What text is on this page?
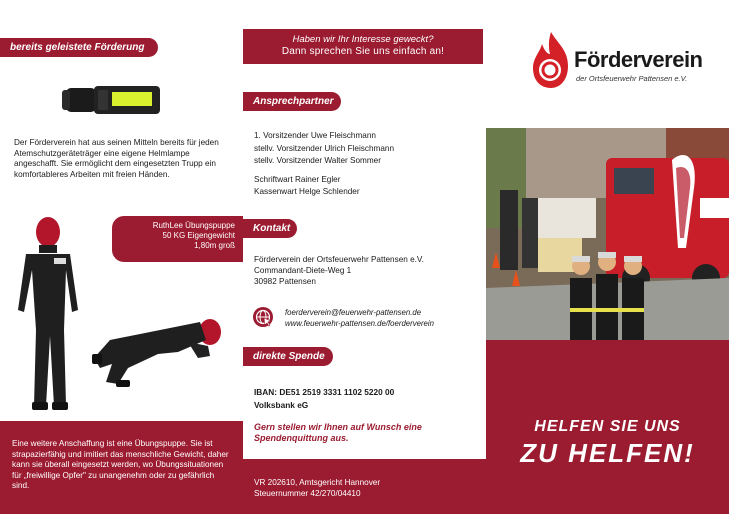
bereits geleistete Förderung

Der Förderverein hat aus seinen Mitteln bereits für jeden Atemschutzgeräteträger eine eigene Helmlampe angeschafft. Sie ermöglicht dem eingesetzten Trupp ein komfortableres Arbeiten mit freien Händen.

RuthLee Übungspuppe
50 KG Eigengewicht
1,80m groß

Eine weitere Anschaffung ist eine Übungspuppe. Sie ist strapazierfähig und imitiert das menschliche Gewicht, daher kann sie überall eingesetzt werden, wo Übungssituationen für „freiwillige Opfer" zu unangenehm oder zu gefährlich sind.

Haben wir Ihr Interesse geweckt?
Dann sprechen Sie uns einfach an!
Ansprechpartner
1. Vorsitzender Uwe Fleischmann
stellv. Vorsitzender Ulrich Fleischmann
stellv. Vorsitzender Walter Sommer
Schriftwart Rainer Egler
Kassenwart Helge Schlender
Kontakt
Förderverein der Ortsfeuerwehr Pattensen e.V.
Commandant-Diete-Weg 1
30982 Pattensen
foerderverein@feuerwehr-pattensen.de
www.feuerwehr-pattensen.de/foerderverein
direkte Spende
IBAN: DE51 2519 3331 1102 5220 00
Volksbank eG

Gern stellen wir Ihnen auf Wunsch eine Spendenquittung aus.

VR 202610, Amtsgericht Hannover
Steuernummer 42/270/04410
Förderverein
der Ortsfeuerwehr Pattensen e.V.
HELFEN SIE UNS
ZU HELFEN!
